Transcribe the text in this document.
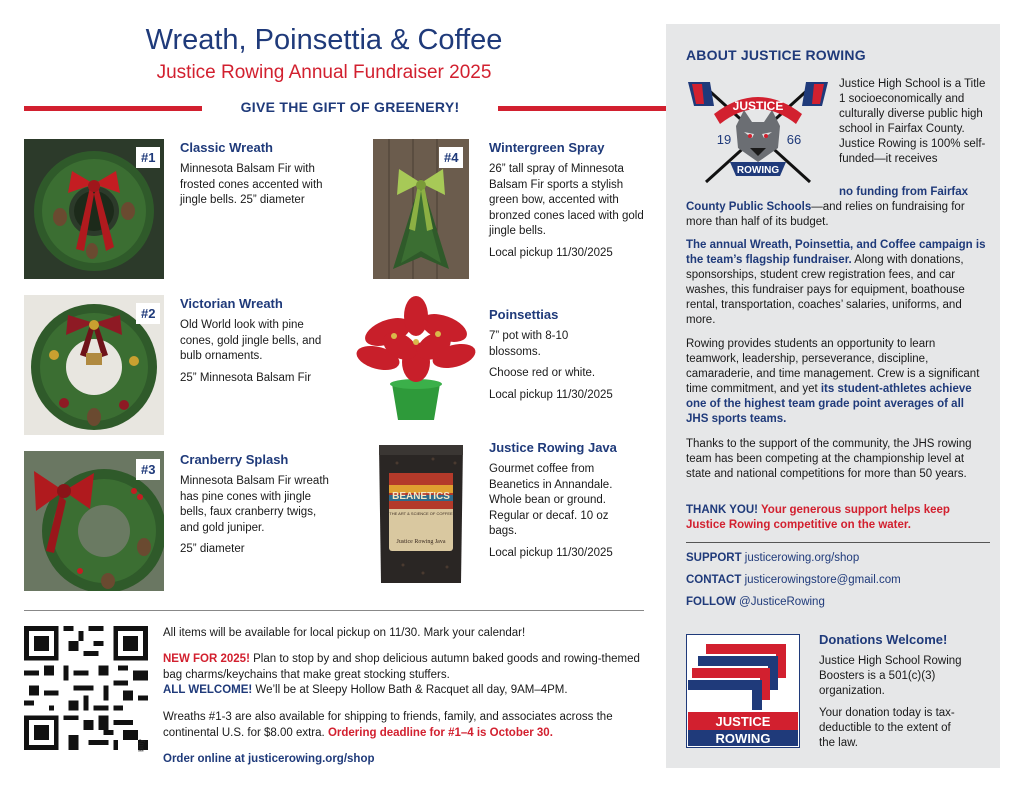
Wreath, Poinsettia & Coffee
Justice Rowing Annual Fundraiser 2025
GIVE THE GIFT OF GREENERY!
#1
Classic Wreath

Minnesota Balsam Fir with frosted cones accented with jingle bells. 25” diameter

#2
Victorian Wreath

Old World look with pine cones, gold jingle bells, and bulb ornaments.

25” Minnesota Balsam Fir

#3
Cranberry Splash

Minnesota Balsam Fir wreath has pine cones with jingle bells, faux cranberry twigs, and gold juniper.

25” diameter

#4
Wintergreen Spray

26” tall spray of Minnesota Balsam Fir sports a stylish green bow, accented with bronzed cones laced with gold jingle bells.

Local pickup 11/30/2025

Poinsettias

7” pot with 8-10 blossoms.

Choose red or white.

Local pickup 11/30/2025

BEANETICS
THE ART & SCIENCE OF COFFEE
Justice Rowing Java
Justice Rowing Java

Gourmet coffee from Beanetics in Annandale. Whole bean or ground. Regular or decaf. 10 oz bags.

Local pickup 11/30/2025

bitly
All items will be available for local pickup on 11/30. Mark your calendar!
NEW FOR 2025! Plan to stop by and shop delicious autumn baked goods and rowing-themed bag charms/keychains that make great stocking stuffers.
ALL WELCOME! We’ll be at Sleepy Hollow Bath & Racquet all day, 9AM–4PM.
Wreaths #1-3 are also available for shipping to friends, family, and associates across the continental U.S. for $8.00 extra. Ordering deadline for #1–4 is October 30.
Order online at justicerowing.org/shop
ABOUT JUSTICE ROWING
JUSTICE
19	66
ROWING
Justice High School is a Title 1 socioeconomically and culturally diverse public high school in Fairfax County. Justice Rowing is 100% self-funded—it receives
no funding from Fairfax
County Public Schools—and relies on fundraising for more than half of its budget.
The annual Wreath, Poinsettia, and Coffee campaign is the team’s flagship fundraiser. Along with donations, sponsorships, student crew registration fees, and car washes, this fundraiser pays for equipment, boathouse rental, transportation, coaches’ salaries, uniforms, and more.
Rowing provides students an opportunity to learn teamwork, leadership, perseverance, discipline, camaraderie, and time management. Crew is a significant time commitment, and yet its student-athletes achieve one of the highest team grade point averages of all JHS sports teams.
Thanks to the support of the community, the JHS rowing team has been competing at the championship level at state and national competitions for more than 50 years.
THANK YOU! Your generous support helps keep Justice Rowing competitive on the water.
SUPPORT justicerowing.org/shop
CONTACT justicerowingstore@gmail.com
FOLLOW @JusticeRowing
JUSTICE
ROWING
Donations Welcome!
Justice High School Rowing Boosters is a 501(c)(3) organization.
Your donation today is tax-deductible to the extent of the law.
